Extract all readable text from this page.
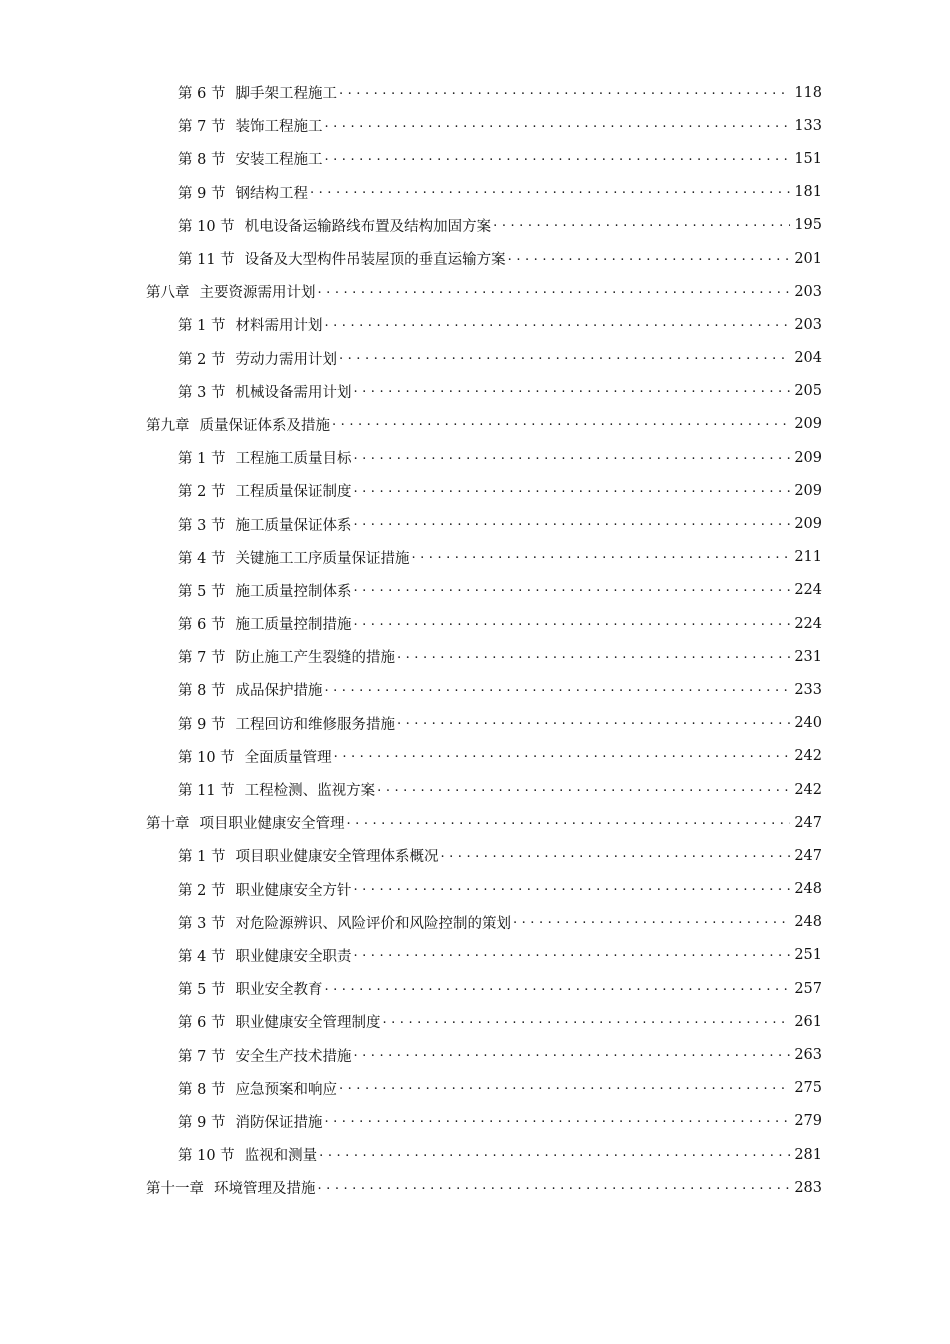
第 6 节 脚手架工程施工 . . .	118
第 7 节 装饰工程施工 . . .	133
第 8 节 安装工程施工 . . .	151
第 9 节 钢结构工程 . . .	181
第 10 节 机电设备运输路线布置及结构加固方案 . . .	195
第 11 节 设备及大型构件吊装屋顶的垂直运输方案 . . .	201
第八章 主要资源需用计划 . . .	203
第 1 节 材料需用计划 . . .	203
第 2 节 劳动力需用计划 . . .	204
第 3 节 机械设备需用计划 . . .	205
第九章 质量保证体系及措施 . . .	209
第 1 节 工程施工质量目标 . . .	209
第 2 节 工程质量保证制度 . . .	209
第 3 节 施工质量保证体系 . . .	209
第 4 节 关键施工工序质量保证措施 . . .	211
第 5 节 施工质量控制体系 . . .	224
第 6 节 施工质量控制措施 . . .	224
第 7 节 防止施工产生裂缝的措施 . . .	231
第 8 节 成品保护措施 . . .	233
第 9 节 工程回访和维修服务措施 . . .	240
第 10 节 全面质量管理 . . .	242
第 11 节 工程检测、监视方案 . . .	242
第十章 项目职业健康安全管理 . . .	247
第 1 节 项目职业健康安全管理体系概况 . . .	247
第 2 节 职业健康安全方针 . . .	248
第 3 节 对危险源辨识、风险评价和风险控制的策划 . . .	248
第 4 节 职业健康安全职责 . . .	251
第 5 节 职业安全教育 . . .	257
第 6 节 职业健康安全管理制度 . . .	261
第 7 节 安全生产技术措施 . . .	263
第 8 节 应急预案和响应 . . .	275
第 9 节 消防保证措施 . . .	279
第 10 节 监视和测量 . . .	281
第十一章 环境管理及措施 . . .	283
